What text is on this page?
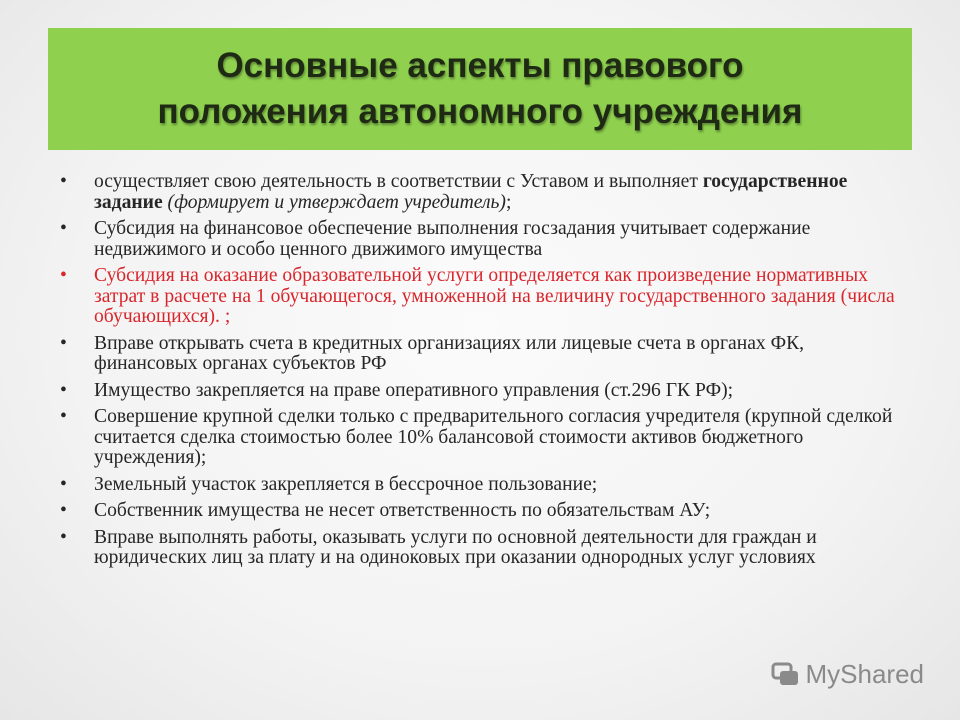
Основные аспекты правового
положения автономного учреждения
• осуществляет свою деятельность в соответствии с Уставом и выполняет государственное задание (формирует и утверждает учредитель);
• Субсидия на финансовое обеспечение выполнения госзадания учитывает содержание недвижимого и особо ценного движимого имущества
• Субсидия на оказание образовательной услуги определяется как произведение нормативных затрат в расчете на 1 обучающегося, умноженной на величину государственного задания (числа обучающихся). ;
• Вправе открывать счета в кредитных организациях или лицевые счета в органах ФК, финансовых органах субъектов РФ
• Имущество закрепляется на праве оперативного управления (ст.296 ГК РФ);
• Совершение крупной сделки только с предварительного согласия учредителя (крупной сделкой считается сделка стоимостью более 10% балансовой стоимости активов бюджетного учреждения);
• Земельный участок закрепляется в бессрочное пользование;
• Собственник имущества не несет ответственность по обязательствам АУ;
• Вправе выполнять работы, оказывать услуги по основной деятельности для граждан и юридических лиц за плату и на одиноковых при оказании однородных услуг условиях
MyShared
